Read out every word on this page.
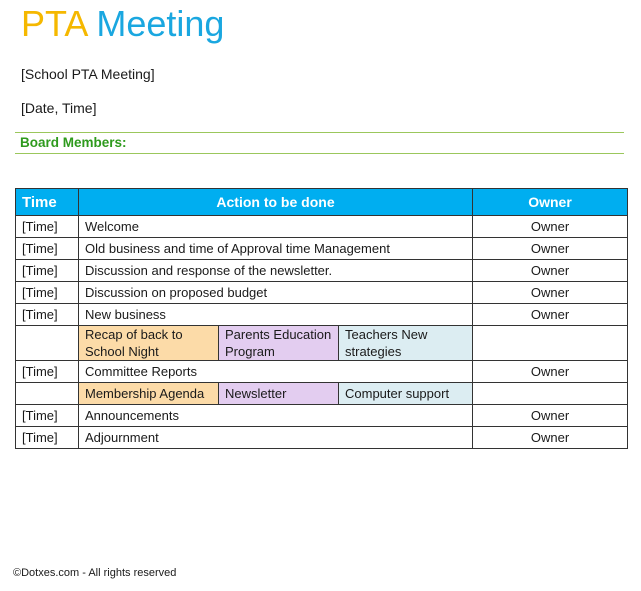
PTA Meeting
[School PTA Meeting]
[Date, Time]
Board Members:
Time	Action to be done			Owner
[Time]	Welcome			Owner
[Time]	Old business and time of Approval time Management			Owner
[Time]	Discussion and response of the newsletter.			Owner
[Time]	Discussion on proposed budget			Owner
[Time]	New business			Owner
	Recap of back to School Night	Parents Education Program	Teachers New strategies	
[Time]	Committee Reports			Owner
	Membership Agenda	Newsletter	Computer support	
[Time]	Announcements			Owner
[Time]	Adjournment			Owner
©Dotxes.com - All rights reserved
